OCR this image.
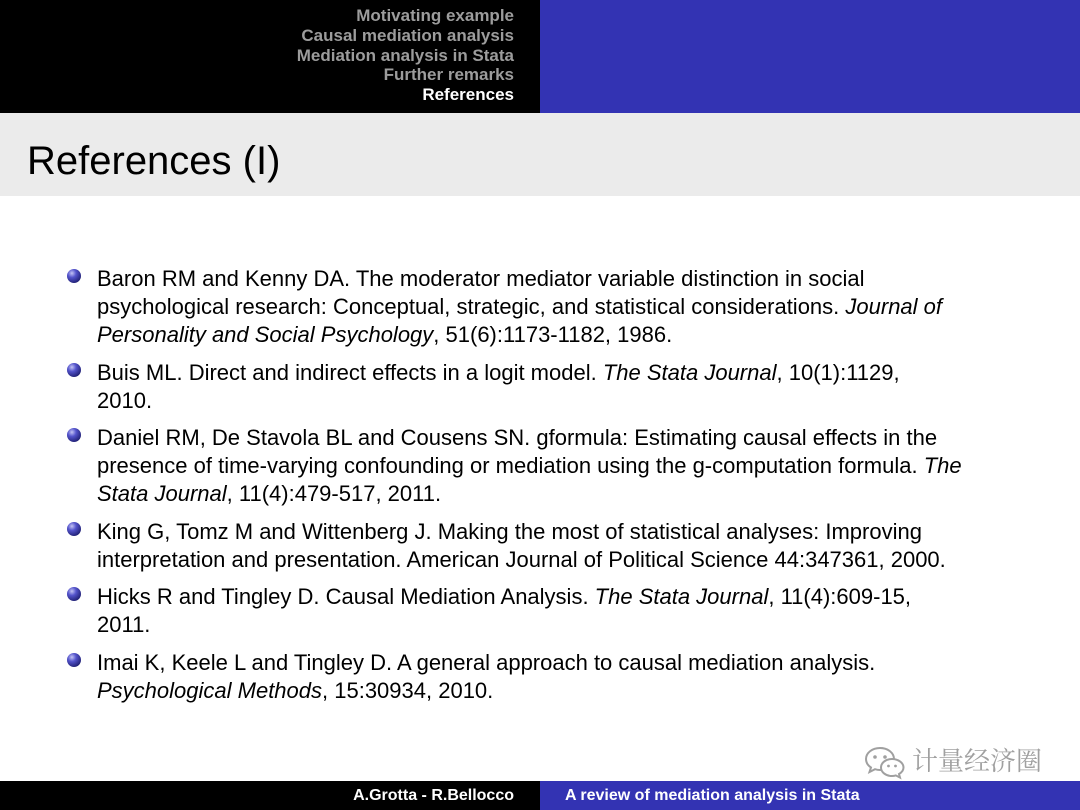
Motivating example
Causal mediation analysis
Mediation analysis in Stata
Further remarks
References
References (I)
Baron RM and Kenny DA. The moderator mediator variable distinction in social
psychological research: Conceptual, strategic, and statistical considerations. Journal of
Personality and Social Psychology, 51(6):1173-1182, 1986.
Buis ML. Direct and indirect effects in a logit model. The Stata Journal, 10(1):1129,
2010.
Daniel RM, De Stavola BL and Cousens SN. gformula: Estimating causal effects in the
presence of time-varying confounding or mediation using the g-computation formula. The
Stata Journal, 11(4):479-517, 2011.
King G, Tomz M and Wittenberg J. Making the most of statistical analyses: Improving
interpretation and presentation. American Journal of Political Science 44:347361, 2000.
Hicks R and Tingley D. Causal Mediation Analysis. The Stata Journal, 11(4):609-15,
2011.
Imai K, Keele L and Tingley D. A general approach to causal mediation analysis.
Psychological Methods, 15:30934, 2010.
计量经济圈
A.Grotta - R.Bellocco	A review of mediation analysis in Stata
